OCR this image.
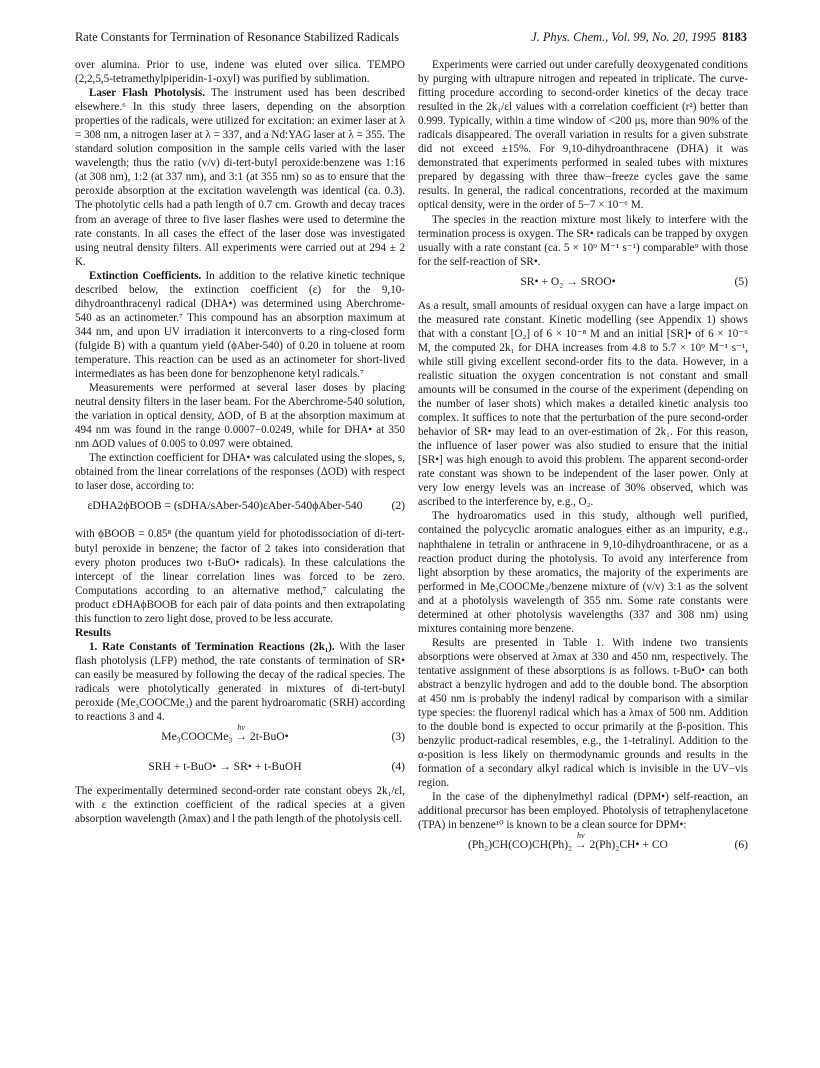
Rate Constants for Termination of Resonance Stabilized Radicals	J. Phys. Chem., Vol. 99, No. 20, 1995 8183

over alumina. Prior to use, indene was eluted over silica. TEMPO (2,2,5,5-tetramethylpiperidin-1-oxyl) was purified by sublimation.

Laser Flash Photolysis. The instrument used has been described elsewhere.⁶ In this study three lasers, depending on the absorption properties of the radicals, were utilized for excitation: an eximer laser at λ = 308 nm, a nitrogen laser at λ = 337, and a Nd:YAG laser at λ = 355. The standard solution composition in the sample cells varied with the laser wavelength; thus the ratio (v/v) di-tert-butyl peroxide:benzene was 1:16 (at 308 nm), 1:2 (at 337 nm), and 3:1 (at 355 nm) so as to ensure that the peroxide absorption at the excitation wavelength was identical (ca. 0.3). The photolytic cells had a path length of 0.7 cm. Growth and decay traces from an average of three to five laser flashes were used to determine the rate constants. In all cases the effect of the laser dose was investigated using neutral density filters. All experiments were carried out at 294 ± 2 K.

Extinction Coefficients. In addition to the relative kinetic technique described below, the extinction coefficient (ε) for the 9,10-dihydroanthracenyl radical (DHA•) was determined using Aberchrome-540 as an actinometer.⁷ This compound has an absorption maximum at 344 nm, and upon UV irradiation it interconverts to a ring-closed form (fulgide B) with a quantum yield (ϕAber-540) of 0.20 in toluene at room temperature. This reaction can be used as an actinometer for short-lived intermediates as has been done for benzophenone ketyl radicals.⁷

Measurements were performed at several laser doses by placing neutral density filters in the laser beam. For the Aberchrome-540 solution, the variation in optical density, ΔOD, of B at the absorption maximum at 494 nm was found in the range 0.0007−0.0249, while for DHA• at 350 nm ΔOD values of 0.005 to 0.097 were obtained.

The extinction coefficient for DHA• was calculated using the slopes, s, obtained from the linear correlations of the responses (ΔOD) with respect to laser dose, according to:

εDHA2ϕBOOB = (sDHA/sAber-540)εAber-540ϕAber-540	(2)

with ϕBOOB = 0.85⁸ (the quantum yield for photodissociation of di-tert-butyl peroxide in benzene; the factor of 2 takes into consideration that every photon produces two t-BuO• radicals). In these calculations the intercept of the linear correlation lines was forced to be zero. Computations according to an alternative method,⁷ calculating the product εDHAϕBOOB for each pair of data points and then extrapolating this function to zero light dose, proved to be less accurate.

Results

1. Rate Constants of Termination Reactions (2k₁). With the laser flash photolysis (LFP) method, the rate constants of termination of SR• can easily be measured by following the decay of the radical species. The radicals were photolytically generated in mixtures of di-tert-butyl peroxide (Me₃COOCMe₃) and the parent hydroaromatic (SRH) according to reactions 3 and 4.

Me₃COOCMe₃
hν
→ 2t-BuO•	(3)
SRH + t-BuO• → SR• + t-BuOH	(4)

The experimentally determined second-order rate constant obeys 2k₁/εl, with ε the extinction coefficient of the radical species at a given absorption wavelength (λmax) and l the path length of the photolysis cell.

Experiments were carried out under carefully deoxygenated conditions by purging with ultrapure nitrogen and repeated in triplicate. The curve-fitting procedure according to second-order kinetics of the decay trace resulted in the 2k₁/εl values with a correlation coefficient (r²) better than 0.999. Typically, within a time window of <200 μs, more than 90% of the radicals disappeared. The overall variation in results for a given substrate did not exceed ±15%. For 9,10-dihydroanthracene (DHA) it was demonstrated that experiments performed in sealed tubes with mixtures prepared by degassing with three thaw−freeze cycles gave the same results. In general, the radical concentrations, recorded at the maximum optical density, were in the order of 5−7 × 10⁻⁶ M.

The species in the reaction mixture most likely to interfere with the termination process is oxygen. The SR• radicals can be trapped by oxygen usually with a rate constant (ca. 5 × 10⁹ M⁻¹ s⁻¹) comparable⁹ with those for the self-reaction of SR•.

SR• + O₂ → SROO•	(5)

As a result, small amounts of residual oxygen can have a large impact on the measured rate constant. Kinetic modelling (see Appendix 1) shows that with a constant [O₂] of 6 × 10⁻⁸ M and an initial [SR]• of 6 × 10⁻⁶ M, the computed 2k₁ for DHA increases from 4.8 to 5.7 × 10⁹ M⁻¹ s⁻¹, while still giving excellent second-order fits to the data. However, in a realistic situation the oxygen concentration is not constant and small amounts will be consumed in the course of the experiment (depending on the number of laser shots) which makes a detailed kinetic analysis too complex. It suffices to note that the perturbation of the pure second-order behavior of SR• may lead to an over-estimation of 2k₁. For this reason, the influence of laser power was also studied to ensure that the initial [SR•] was high enough to avoid this problem. The apparent second-order rate constant was shown to be independent of the laser power. Only at very low energy levels was an increase of 30% observed, which was ascribed to the interference by, e.g., O₂.

The hydroaromatics used in this study, although well purified, contained the polycyclic aromatic analogues either as an impurity, e.g., naphthalene in tetralin or anthracene in 9,10-dihydroanthracene, or as a reaction product during the photolysis. To avoid any interference from light absorption by these aromatics, the majority of the experiments are performed in Me₃COOCMe₃/benzene mixture of (v/v) 3:1 as the solvent and at a photolysis wavelength of 355 nm. Some rate constants were determined at other photolysis wavelengths (337 and 308 nm) using mixtures containing more benzene.

Results are presented in Table 1. With indene two transients absorptions were observed at λmax at 330 and 450 nm, respectively. The tentative assignment of these absorptions is as follows. t-BuO• can both abstract a benzylic hydrogen and add to the double bond. The absorption at 450 nm is probably the indenyl radical by comparison with a similar type species: the fluorenyl radical which has a λmax of 500 nm. Addition to the double bond is expected to occur primarily at the β-position. This benzylic product-radical resembles, e.g., the 1-tetralinyl. Addition to the α-position is less likely on thermodynamic grounds and results in the formation of a secondary alkyl radical which is invisible in the UV−vis region.

In the case of the diphenylmethyl radical (DPM•) self-reaction, an additional precursor has been employed. Photolysis of tetraphenylacetone (TPA) in benzene¹⁰ is known to be a clean source for DPM•:

(Ph₂)CH(CO)CH(Ph)₂
hν
→ 2(Ph)₂CH• + CO	(6)
